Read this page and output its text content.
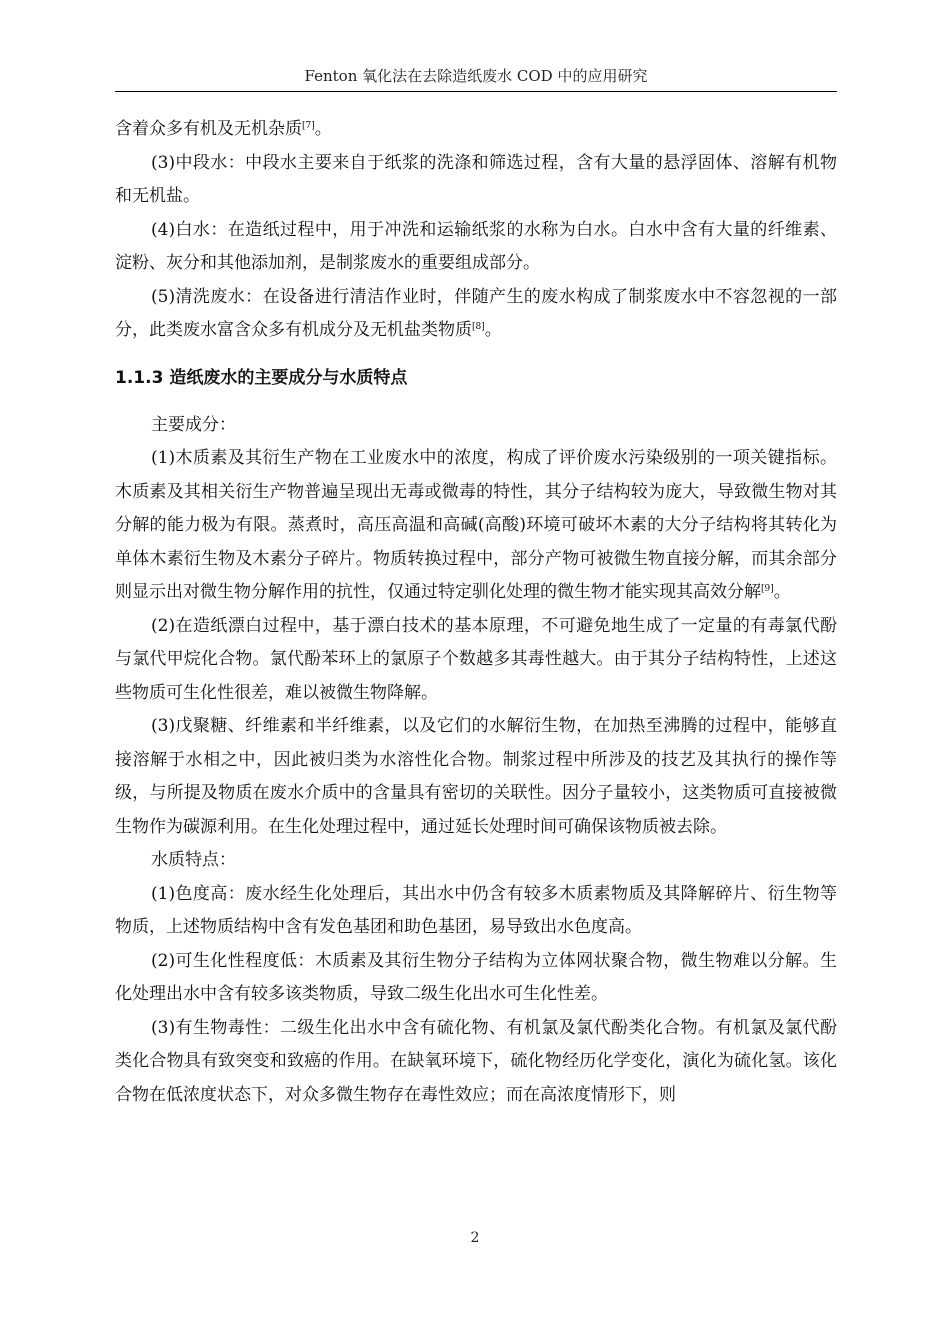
Fenton 氧化法在去除造纸废水 COD 中的应用研究

含着众多有机及无机杂质[7]。

(3)中段水：中段水主要来自于纸浆的洗涤和筛选过程，含有大量的悬浮固体、溶解有机物和无机盐。

(4)白水：在造纸过程中，用于冲洗和运输纸浆的水称为白水。白水中含有大量的纤维素、淀粉、灰分和其他添加剂，是制浆废水的重要组成部分。

(5)清洗废水：在设备进行清洁作业时，伴随产生的废水构成了制浆废水中不容忽视的一部分，此类废水富含众多有机成分及无机盐类物质[8]。

1.1.3 造纸废水的主要成分与水质特点

主要成分：

(1)木质素及其衍生产物在工业废水中的浓度，构成了评价废水污染级别的一项关键指标。木质素及其相关衍生产物普遍呈现出无毒或微毒的特性，其分子结构较为庞大，导致微生物对其分解的能力极为有限。蒸煮时，高压高温和高碱(高酸)环境可破坏木素的大分子结构将其转化为单体木素衍生物及木素分子碎片。物质转换过程中，部分产物可被微生物直接分解，而其余部分则显示出对微生物分解作用的抗性，仅通过特定驯化处理的微生物才能实现其高效分解[9]。

(2)在造纸漂白过程中，基于漂白技术的基本原理，不可避免地生成了一定量的有毒氯代酚与氯代甲烷化合物。氯代酚苯环上的氯原子个数越多其毒性越大。由于其分子结构特性，上述这些物质可生化性很差，难以被微生物降解。

(3)戊聚糖、纤维素和半纤维素，以及它们的水解衍生物，在加热至沸腾的过程中，能够直接溶解于水相之中，因此被归类为水溶性化合物。制浆过程中所涉及的技艺及其执行的操作等级，与所提及物质在废水介质中的含量具有密切的关联性。因分子量较小，这类物质可直接被微生物作为碳源利用。在生化处理过程中，通过延长处理时间可确保该物质被去除。

水质特点：

(1)色度高：废水经生化处理后，其出水中仍含有较多木质素物质及其降解碎片、衍生物等物质，上述物质结构中含有发色基团和助色基团，易导致出水色度高。

(2)可生化性程度低：木质素及其衍生物分子结构为立体网状聚合物，微生物难以分解。生化处理出水中含有较多该类物质，导致二级生化出水可生化性差。

(3)有生物毒性：二级生化出水中含有硫化物、有机氯及氯代酚类化合物。有机氯及氯代酚类化合物具有致突变和致癌的作用。在缺氧环境下，硫化物经历化学变化，演化为硫化氢。该化合物在低浓度状态下，对众多微生物存在毒性效应；而在高浓度情形下，则

2
